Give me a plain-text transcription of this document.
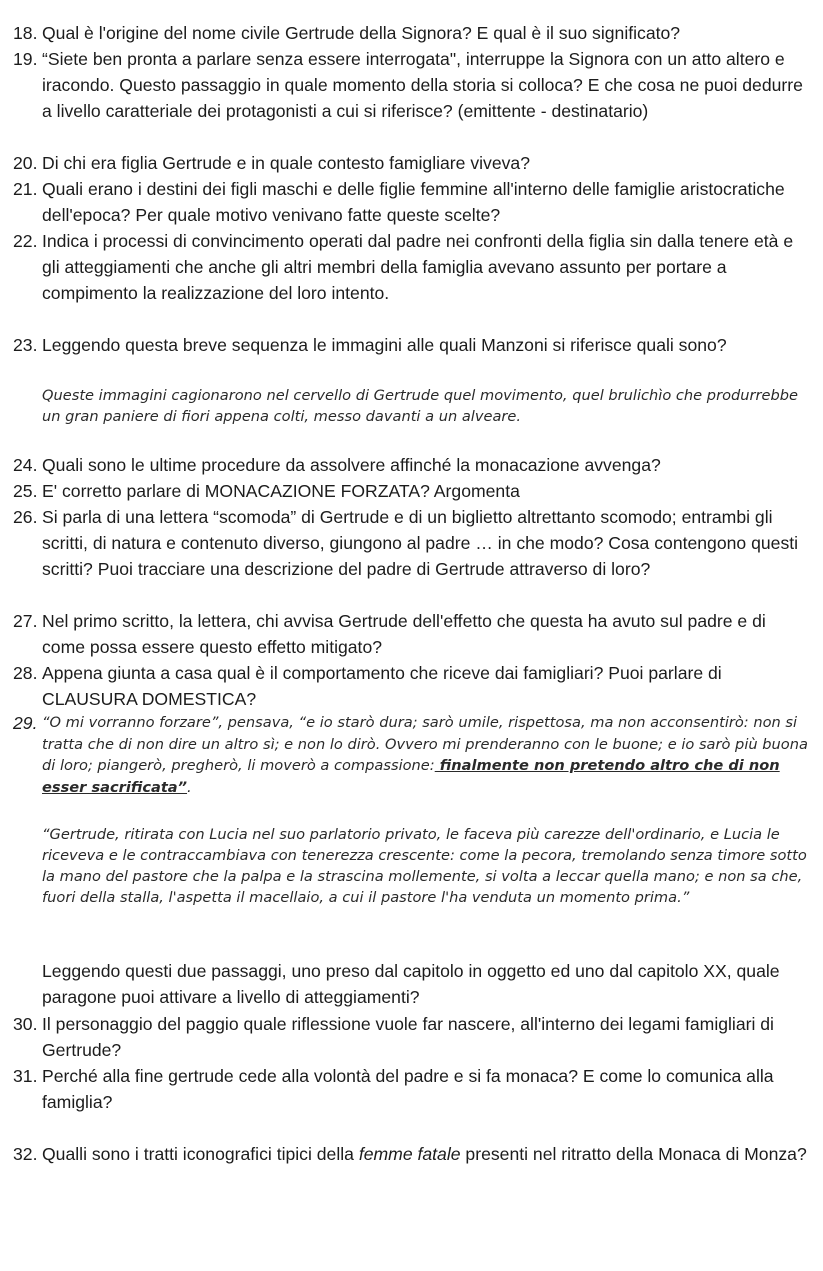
18. Qual è l'origine del nome civile Gertrude della Signora? E qual è il suo significato?
19. “Siete ben pronta a parlare senza essere interrogata", interruppe la Signora con un atto altero e iracondo. Questo passaggio in quale momento della storia si colloca? E che cosa ne puoi dedurre a livello caratteriale dei protagonisti a cui si riferisce? (emittente - destinatario)
20. Di chi era figlia Gertrude e in quale contesto famigliare viveva?
21. Quali erano i destini dei figli maschi e delle figlie femmine all'interno delle famiglie aristocratiche dell'epoca? Per quale motivo venivano fatte queste scelte?
22. Indica i processi di convincimento operati dal padre nei confronti della figlia sin dalla tenere età e gli atteggiamenti che anche gli altri membri della famiglia avevano assunto per portare a compimento la realizzazione del loro intento.
23. Leggendo questa breve sequenza le immagini alle quali Manzoni si riferisce quali sono?
Queste immagini cagionarono nel cervello di Gertrude quel movimento, quel brulichìo che produrrebbe un gran paniere di fiori appena colti, messo davanti a un alveare.
24. Quali sono le ultime procedure da assolvere affinché la monacazione avvenga?
25. E' corretto parlare di MONACAZIONE FORZATA? Argomenta
26. Si parla di una lettera “scomoda” di Gertrude e di un biglietto altrettanto scomodo; entrambi gli scritti, di natura e contenuto diverso, giungono al padre … in che modo? Cosa contengono questi scritti? Puoi tracciare una descrizione del padre di Gertrude attraverso di loro?
27. Nel primo scritto, la lettera, chi avvisa Gertrude dell'effetto che questa ha avuto sul padre e di come possa essere questo effetto mitigato?
28. Appena giunta a casa qual è il comportamento che riceve dai famigliari? Puoi parlare di CLAUSURA DOMESTICA?
29. “O mi vorranno forzare”, pensava, “e io starò dura; sarò umile, rispettosa, ma non acconsentirò: non si tratta che di non dire un altro sì; e non lo dirò. Ovvero mi prenderanno con le buone; e io sarò più buona di loro; piangerò, pregherò, li moverò a compassione: finalmente non pretendo altro che di non esser sacrificata”.
“Gertrude, ritirata con Lucia nel suo parlatorio privato, le faceva più carezze dell'ordinario, e Lucia le riceveva e le contraccambiava con tenerezza crescente: come la pecora, tremolando senza timore sotto la mano del pastore che la palpa e la strascina mollemente, si volta a leccar quella mano; e non sa che, fuori della stalla, l'aspetta il macellaio, a cui il pastore l'ha venduta un momento prima.”
Leggendo questi due passaggi, uno preso dal capitolo in oggetto ed uno dal capitolo XX, quale paragone puoi attivare a livello di atteggiamenti?
30. Il personaggio del paggio quale riflessione vuole far nascere, all'interno dei legami famigliari di Gertrude?
31. Perché alla fine gertrude cede alla volontà del padre e si fa monaca? E come lo comunica alla famiglia?
32. Qualli sono i tratti iconografici tipici della femme fatale presenti nel ritratto della Monaca di Monza?
